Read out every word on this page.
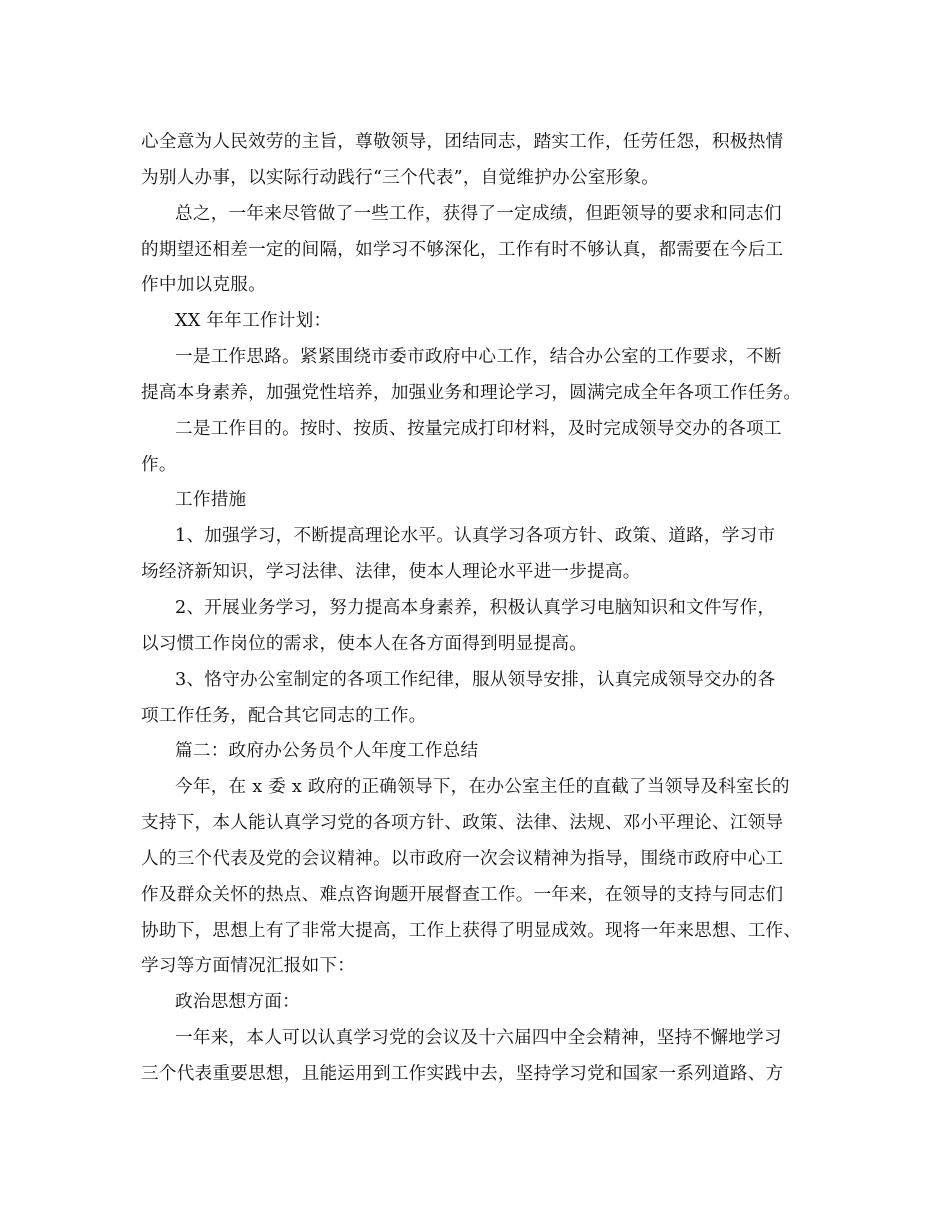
心全意为人民效劳的主旨，尊敬领导，团结同志，踏实工作，任劳任怨，积极热情
为别人办事，以实际行动践行“三个代表”，自觉维护办公室形象。
总之，一年来尽管做了一些工作，获得了一定成绩，但距领导的要求和同志们
的期望还相差一定的间隔，如学习不够深化，工作有时不够认真，都需要在今后工
作中加以克服。
XX 年年工作计划：
一是工作思路。紧紧围绕市委市政府中心工作，结合办公室的工作要求，不断
提高本身素养，加强党性培养，加强业务和理论学习，圆满完成全年各项工作任务。
二是工作目的。按时、按质、按量完成打印材料，及时完成领导交办的各项工
作。
工作措施
1、加强学习，不断提高理论水平。认真学习各项方针、政策、道路，学习市
场经济新知识，学习法律、法律，使本人理论水平进一步提高。
2、开展业务学习，努力提高本身素养，积极认真学习电脑知识和文件写作，
以习惯工作岗位的需求，使本人在各方面得到明显提高。
3、恪守办公室制定的各项工作纪律，服从领导安排，认真完成领导交办的各
项工作任务，配合其它同志的工作。
篇二：政府办公务员个人年度工作总结
今年，在 x 委 x 政府的正确领导下，在办公室主任的直截了当领导及科室长的
支持下，本人能认真学习党的各项方针、政策、法律、法规、邓小平理论、江领导
人的三个代表及党的会议精神。以市政府一次会议精神为指导，围绕市政府中心工
作及群众关怀的热点、难点咨询题开展督查工作。一年来，在领导的支持与同志们
协助下，思想上有了非常大提高，工作上获得了明显成效。现将一年来思想、工作、
学习等方面情况汇报如下：
政治思想方面：
一年来，本人可以认真学习党的会议及十六届四中全会精神，坚持不懈地学习
三个代表重要思想，且能运用到工作实践中去，坚持学习党和国家一系列道路、方
